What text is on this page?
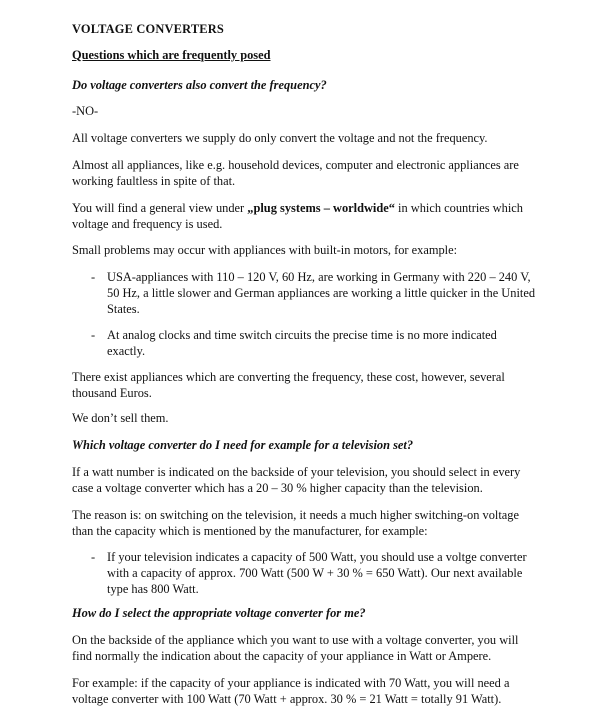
VOLTAGE CONVERTERS

Questions which are frequently posed

Do voltage converters also convert the frequency?

-NO-

All voltage converters we supply do only convert the voltage and not the frequency.

Almost all appliances, like e.g. household devices, computer and electronic appliances are

working faultless in spite of that.

You will find a general view under „plug systems – worldwide“ in which countries which

voltage and frequency is used.

Small problems may occur with appliances with built-in motors, for example:

- USA-appliances with 110 – 120 V, 60 Hz, are working in Germany with 220 – 240 V,

50 Hz, a little slower and German appliances are working a little quicker in the United

States.

- At analog clocks and time switch circuits the precise time is no more indicated

exactly.

There exist appliances which are converting the frequency, these cost, however, several

thousand Euros.

We don’t sell them.

Which voltage converter do I need for example for a television set?

If a watt number is indicated on the backside of your television, you should select in every

case a voltage converter which has a 20 – 30 % higher capacity than the television.

The reason is: on switching on the television, it needs a much higher switching-on voltage

than the capacity which is mentioned by the manufacturer, for example:

- If your television indicates a capacity of 500 Watt, you should use a voltge converter

with a capacity of approx. 700 Watt (500 W + 30 % = 650 Watt). Our next available

type has 800 Watt.

How do I select the appropriate voltage converter for me?

On the backside of the appliance which you want to use with a voltage converter, you will

find normally the indication about the capacity of your appliance in Watt or Ampere.

For example: if the capacity of your appliance is indicated with 70 Watt, you will need a

voltage converter with 100 Watt (70 Watt + approx. 30 % = 21 Watt = totally 91 Watt).
